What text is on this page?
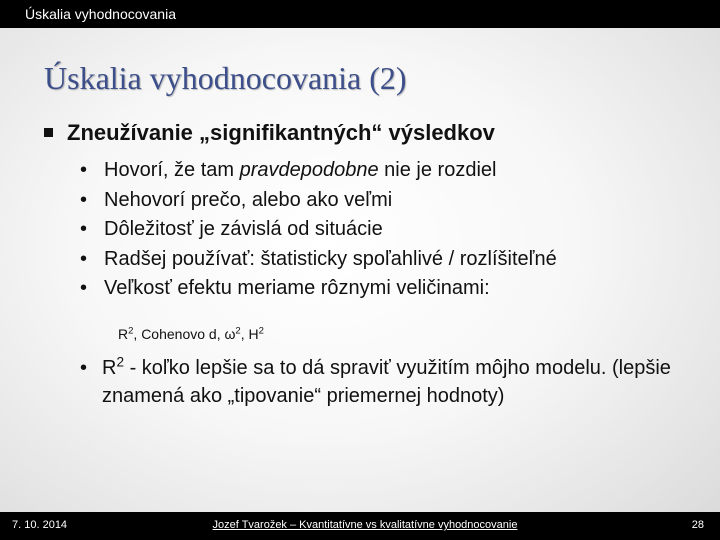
Úskalia vyhodnocovania
Úskalia vyhodnocovania (2)
Zneužívanie „signifikantných“ výsledkov
• Hovorí, že tam pravdepodobne nie je rozdiel
• Nehovorí prečo, alebo ako veľmi
• Dôležitosť je závislá od situácie
• Radšej používať: štatisticky spoľahlivé / rozlíšiteľné
• Veľkosť efektu meriame rôznymi veličinami:
$R^2$, Cohenovo d, $\omega^2$, $H^2$
• $R^2$ - koľko lepšie sa to dá spraviť využitím môjho modelu. (lepšie znamená ako „tipovanie“ priemernej hodnoty)
7. 10. 2014	Jozef Tvarožek – Kvantitatívne vs kvalitatívne vyhodnocovanie	28
